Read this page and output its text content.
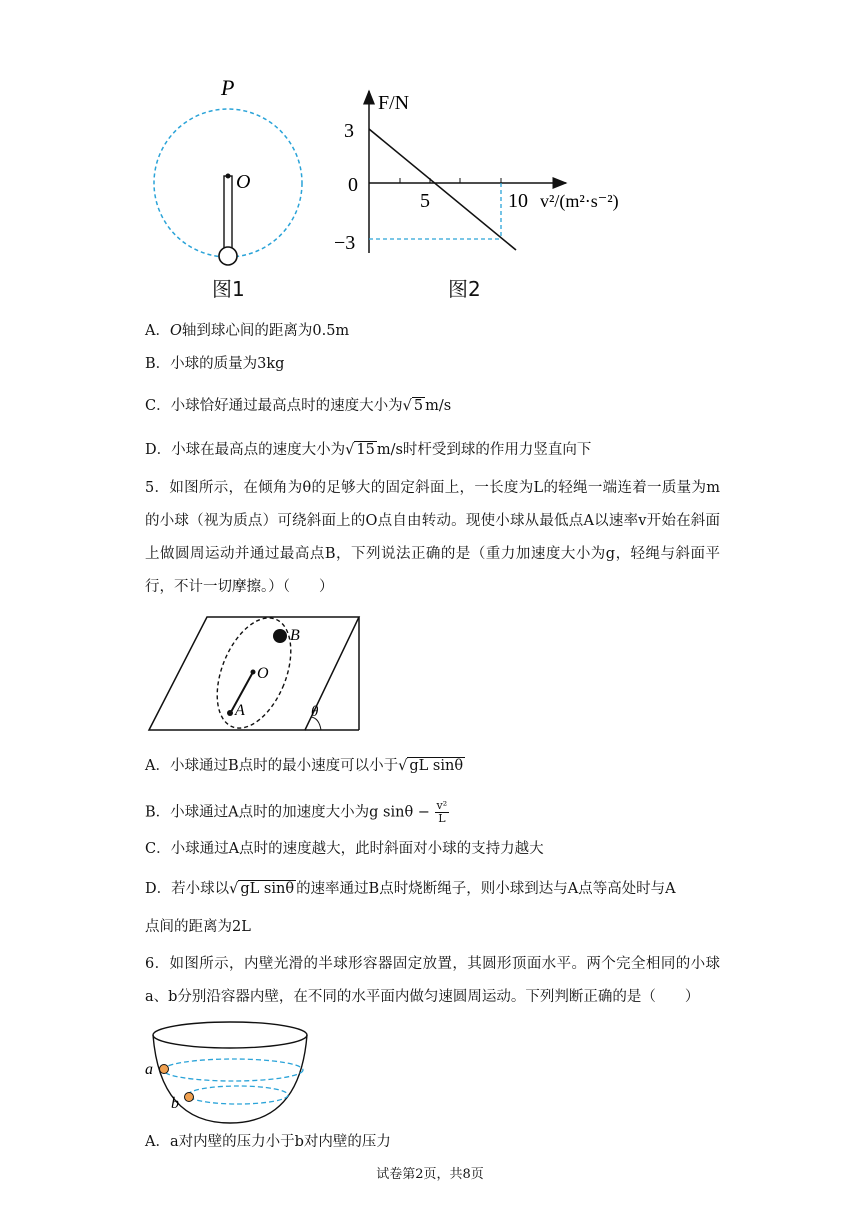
P
O
图1
F/N
3
0
−3
5	10 v²/(m²·s⁻²)
图2
A．O轴到球心间的距离为0.5m
B．小球的质量为3kg
C．小球恰好通过最高点时的速度大小为√ 5 m/s
D．小球在最高点的速度大小为√ 15 m/s时杆受到球的作用力竖直向下
5．如图所示，在倾角为θ的足够大的固定斜面上，一长度为L的轻绳一端连着一质量为m的小球（视为质点）可绕斜面上的O点自由转动。现使小球从最低点A以速率v开始在斜面上做圆周运动并通过最高点B，下列说法正确的是（重力加速度大小为g，轻绳与斜面平行，不计一切摩擦。）（　　）
B
O
A	θ
A．小球通过B点时的最小速度可以小于√ gL sinθ
B．小球通过A点时的加速度大小为g $\sin\theta - \frac{\text{v²}}{L}$
C．小球通过A点时的速度越大，此时斜面对小球的支持力越大
D．若小球以√ gL sinθ 的速率通过B点时烧断绳子，则小球到达与A点等高处时与A
点间的距离为2L
6．如图所示，内壁光滑的半球形容器固定放置，其圆形顶面水平。两个完全相同的小球a、b分别沿容器内壁，在不同的水平面内做匀速圆周运动。下列判断正确的是（　　）
a
b
A．a对内壁的压力小于b对内壁的压力
试卷第2页，共8页
